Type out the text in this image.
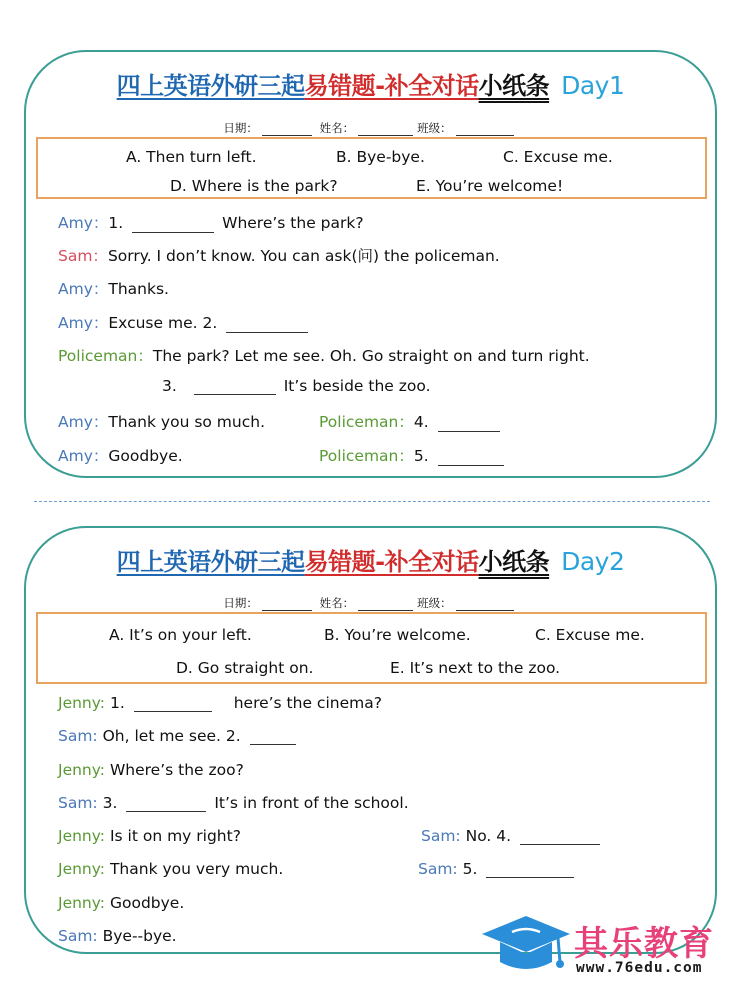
四上英语外研三起易错题-补全对话小纸条 Day1
日期：	姓名：	班级：
A. Then turn left.	B. Bye-bye.	C. Excuse me.
D. Where is the park?	E. You’re welcome!
Amy：1.	Where’s the park?
Sam：Sorry. I don’t know. You can ask(问) the policeman.
Amy：Thanks.
Amy：Excuse me. 2.
Policeman：The park? Let me see. Oh. Go straight on and turn right.
3.	It’s beside the zoo.
Amy：Thank you so much.	Policeman：4.
Amy：Goodbye.	Policeman：5.
四上英语外研三起易错题-补全对话小纸条 Day2
日期：	姓名：	班级：
A. It’s on your left.	B. You’re welcome.	C. Excuse me.
D. Go straight on.	E. It’s next to the zoo.
Jenny: 1.	here’s the cinema?
Sam: Oh, let me see. 2.
Jenny: Where’s the zoo?
Sam: 3.	It’s in front of the school.
Jenny: Is it on my right?	Sam: No. 4.
Jenny: Thank you very much.	Sam: 5.
Jenny: Goodbye.
Sam: Bye--bye.	其乐教育
www.76edu.com
